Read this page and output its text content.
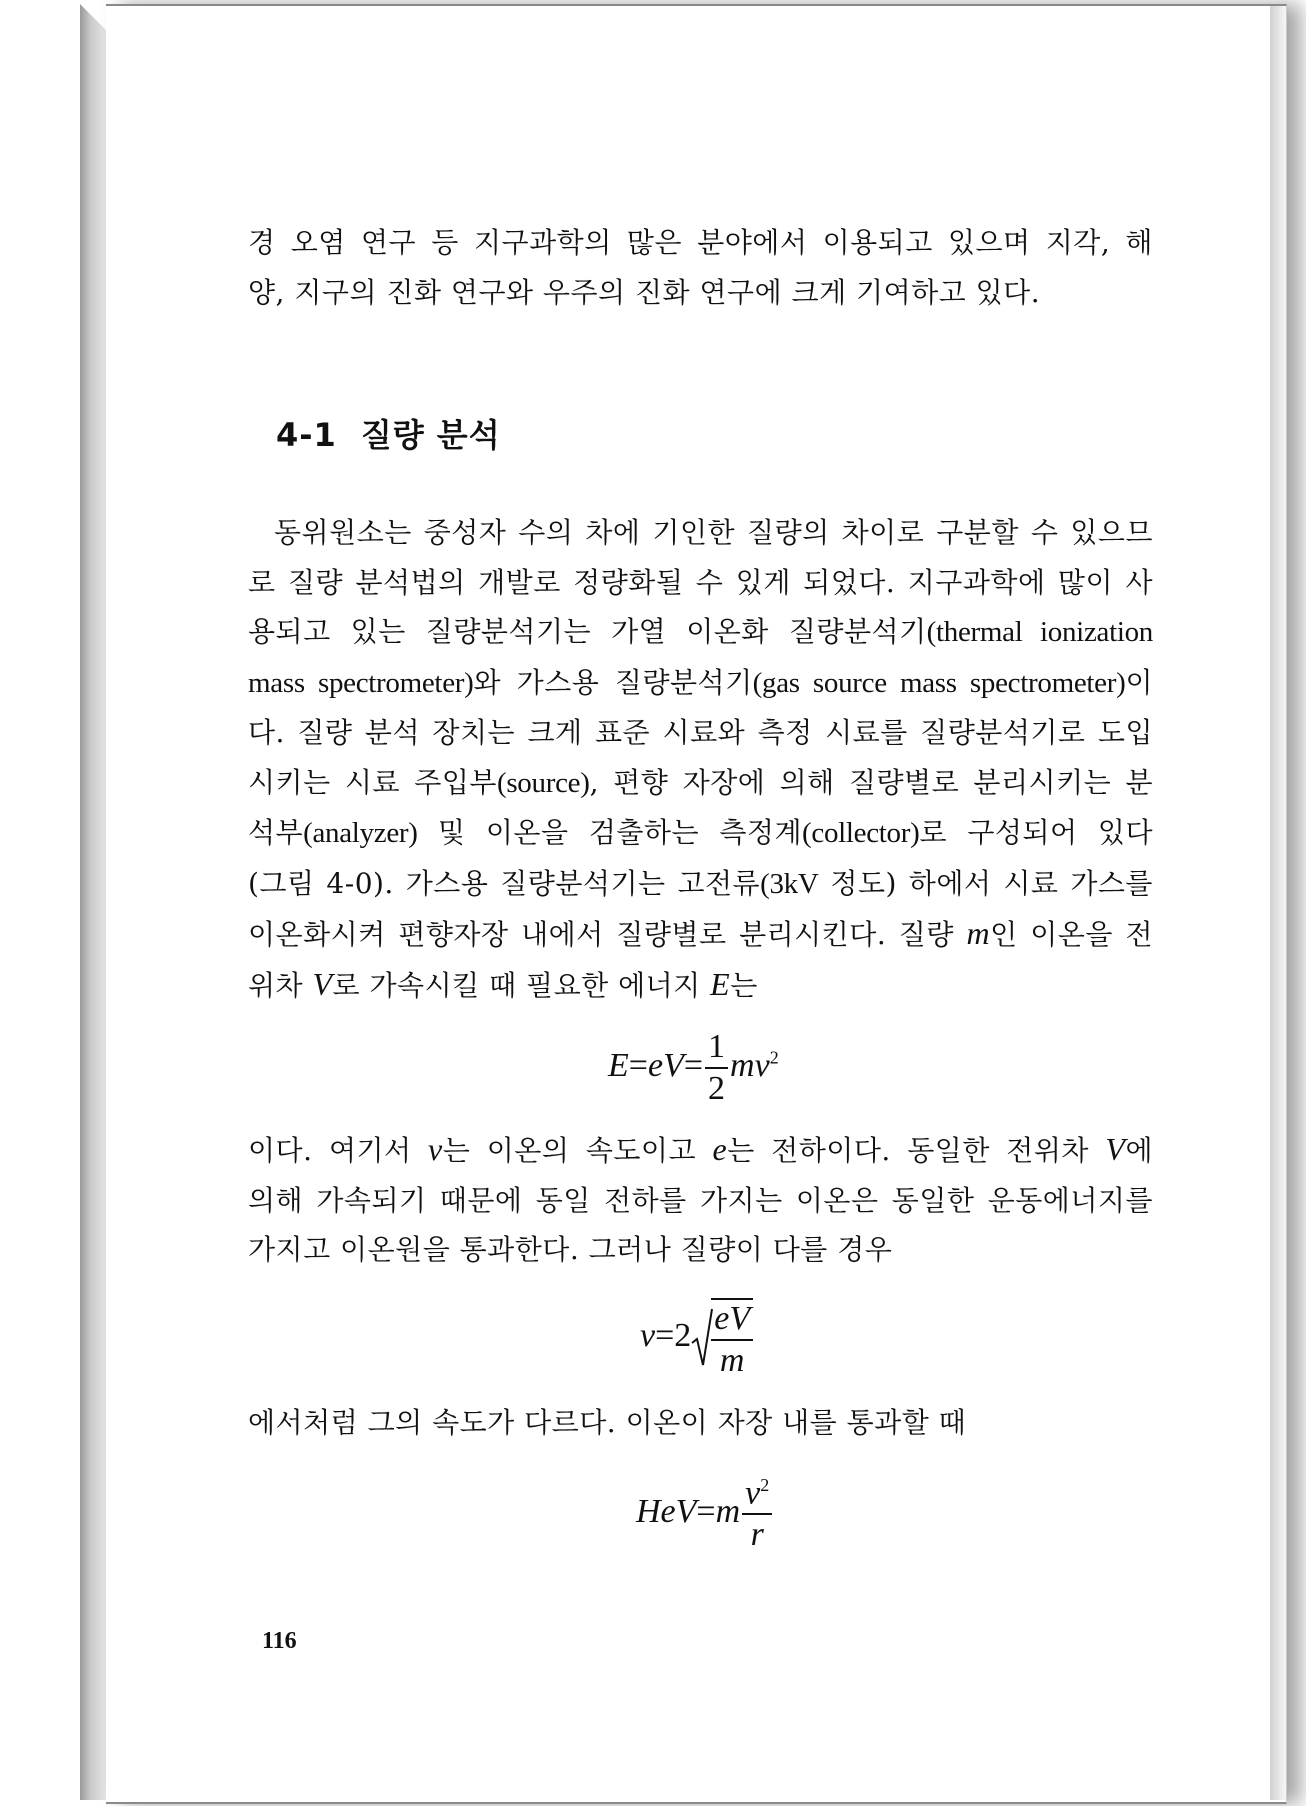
경 오염 연구 등 지구과학의 많은 분야에서 이용되고 있으며 지각, 해
양, 지구의 진화 연구와 우주의 진화 연구에 크게 기여하고 있다.
4-1 질량 분석
동위원소는 중성자 수의 차에 기인한 질량의 차이로 구분할 수 있으므
로 질량 분석법의 개발로 정량화될 수 있게 되었다. 지구과학에 많이 사
용되고 있는 질량분석기는 가열 이온화 질량분석기(thermal ionization
mass spectrometer)와 가스용 질량분석기(gas source mass spectrometer)이
다. 질량 분석 장치는 크게 표준 시료와 측정 시료를 질량분석기로 도입
시키는 시료 주입부(source), 편향 자장에 의해 질량별로 분리시키는 분
석부(analyzer) 및 이온을 검출하는 측정계(collector)로 구성되어 있다
(그림 4-0). 가스용 질량분석기는 고전류(3kV 정도) 하에서 시료 가스를
이온화시켜 편향자장 내에서 질량별로 분리시킨다. 질량 m인 이온을 전
위차 V로 가속시킬 때 필요한 에너지 E는
$E=eV= \frac{1}{2} mv^2$
이다. 여기서 v는 이온의 속도이고 e는 전하이다. 동일한 전위차 V에
의해 가속되기 때문에 동일 전하를 가지는 이온은 동일한 운동에너지를
가지고 이온원을 통과한다. 그러나 질량이 다를 경우
$v=2 \frac{eV}{m}$
에서처럼 그의 속도가 다르다. 이온이 자장 내를 통과할 때
$HeV=m \frac{v^2}{r}$
116
